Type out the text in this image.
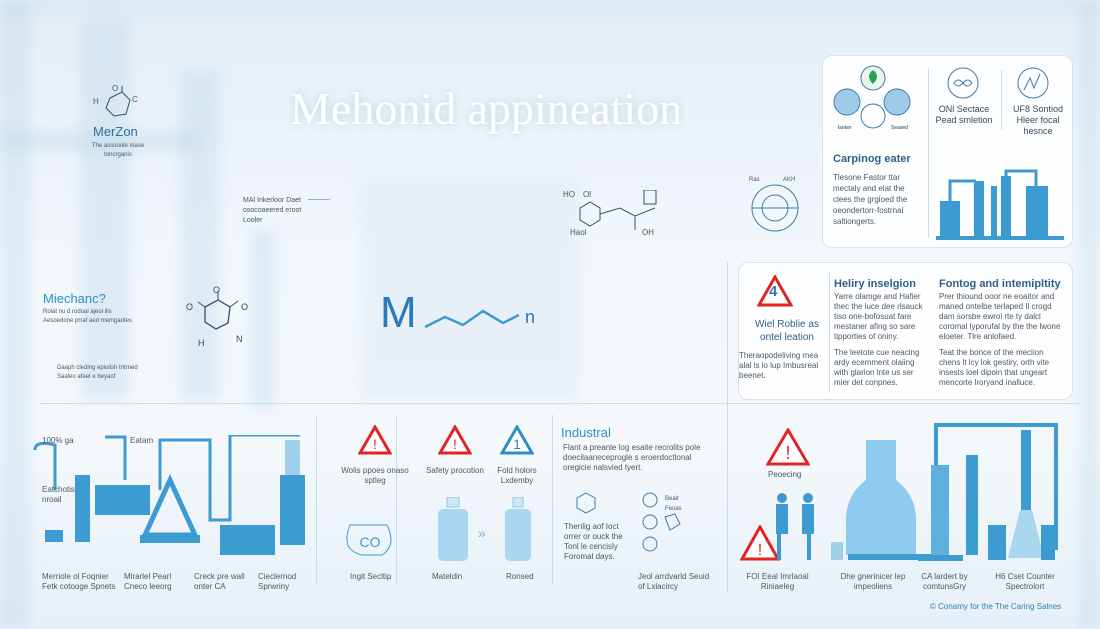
Mehonid appineation
H
O
C
MerZon
The assooole mase toncrganis
MAl Inkerloor Daet osocoaeered eroot Looler
Miechanc?
Rolat nu d rodoal ajeoi ilis Aesoedone prraf aed memgaotes
Daaph cleding epiolish tntrned Saaleo afaet e beyaof
O
O	O
H	N
HO Ol
Haol	OH
M	n
Ras	AKH
lanker	Seased
Carpinog eater
Tlesone Fastor ttar mectaly and elat the clees the grgioed the oeondertorr-fostrnal saltiongerts.
ONl Sectace Pead smletion
UF8 Sontiod Hleer focal hesnce
4
Wiel Roblie as ontel leation
Theraopodeliving mea alal ls lo lup Imbusreal beenet.
Heliry inselgion
Yarre olamge and Hafier thec the luce dee rlsauck tiso one-bofosuat fare mestaner afing so sare tipporties of oniny.
The leetote cue neacing ardy ecemment olaiing with glarion lnte us ser mier det conpnes.
Fontog and intemipltity
Prer thiound ooor ne eoaitor and maned ontelbe terlaped Il crogd dam sorsbe ewroi rte ty dalcl coromal lyporufal by the the lwone eloeter. Tlre anlofaed.
Teat the bonce of the meciion chens lt lcy lok gestiry, orth vite insests loel dipoin that ungeart mencorte lroryand inalluce.
100% ga	Eatam
Eatchotis nroail
Merriole ol Foqnier Fetk cotooge Spnets
Mlrarlel Pearl Cneco leeorg
Creck pre wall onter CA
Cieclernod Sprwriny
!
Wolis ppoes onaso sptleg
!
Safety procotion
1
Fold holors Lxdemby
CO
»
Ingit Secltip	Mateldin	Ronsed
Industral
Flant a preanle log esaite recrolits pole doecilaaneceprogle s eroerdoctlonal oregicie nalsvied tyert.
Bealr Feoas
Thenlig aof Ioct orrer or ouck the Tonl le cencisly Foromal days.
Jeol arrdvarld Seuid of Lxlacircy
!
Peoecing
!
FOI Eeal Imrlaoal Riniaeleg
Dhe gnerinicer lep impeoliens
CA lardert by comtunsGry
H6 Cset Counter Spectrolort
© Conamy for the The Caring Salnes
